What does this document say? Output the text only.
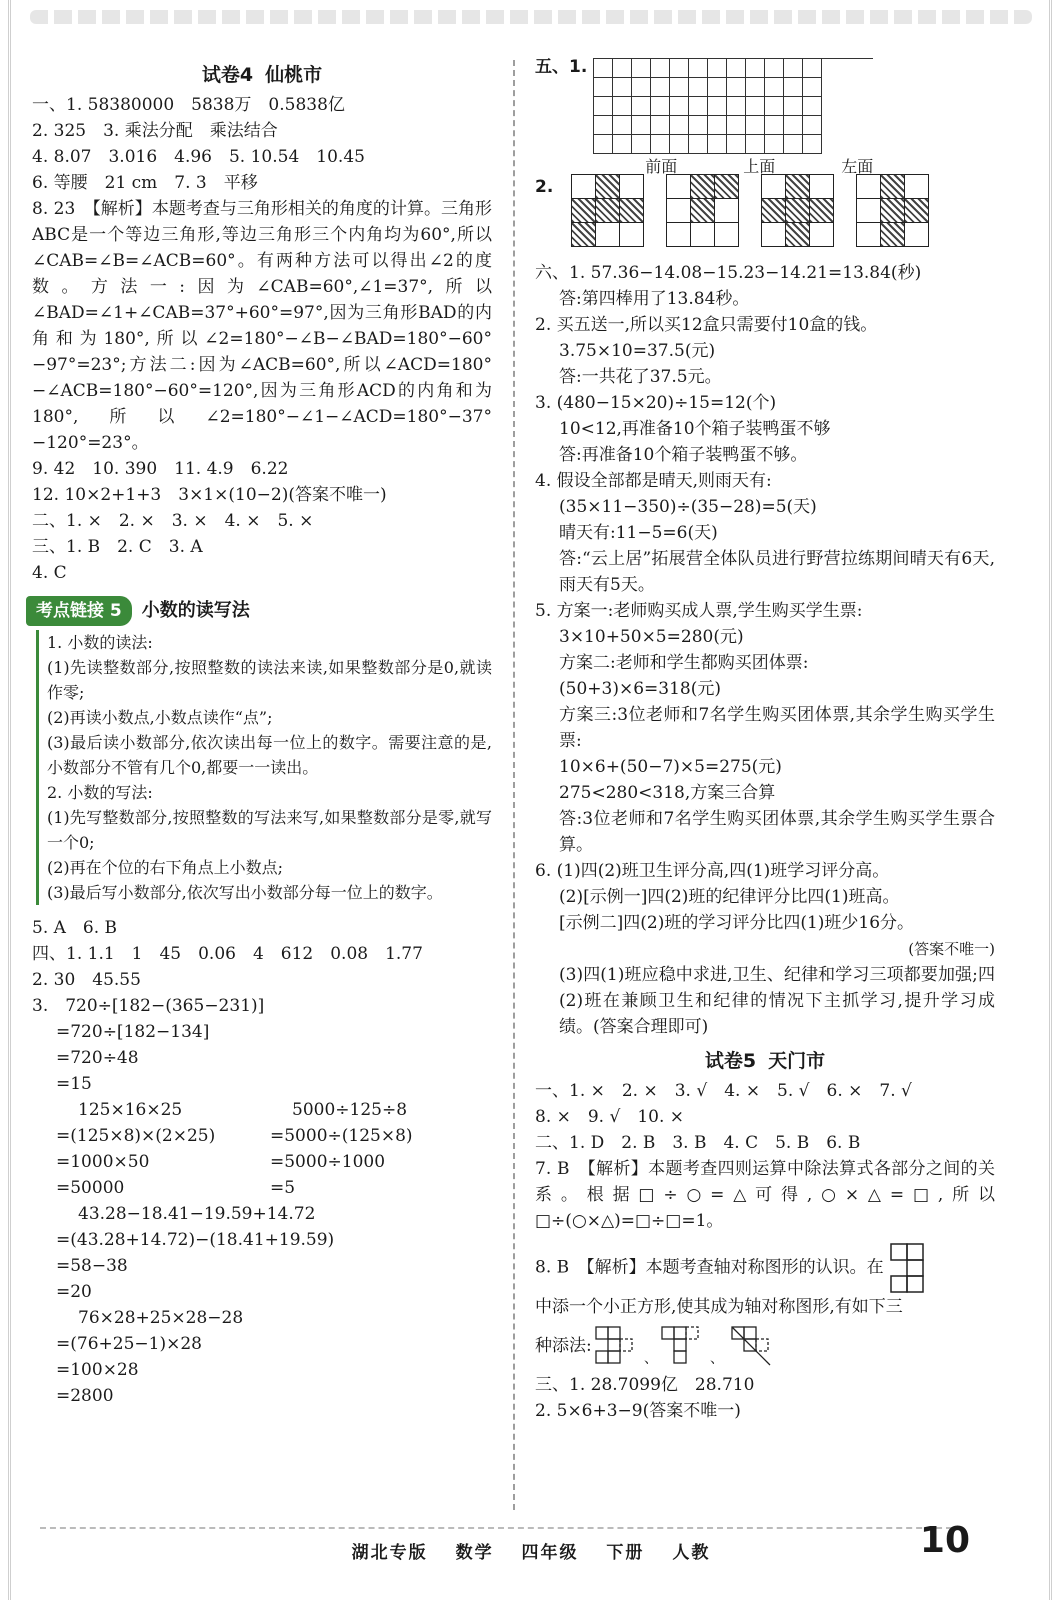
试卷4 仙桃市
一、1. 58380000　5838万　0.5838亿
2. 325　3. 乘法分配　乘法结合
4. 8.07　3.016　4.96　5. 10.54　10.45
6. 等腰　21 cm　7. 3　平移
8. 23　【解析】本题考查与三角形相关的角度的计算。三角形ABC是一个等边三角形,等边三角形三个内角均为60°,所以∠CAB=∠B=∠ACB=60°。有两种方法可以得出∠2的度数。方法一:因为∠CAB=60°,∠1=37°,所以∠BAD=∠1+∠CAB=37°+60°=97°,因为三角形BAD的内角和为180°,所以∠2=180°−∠B−∠BAD=180°−60°−97°=23°;方法二:因为∠ACB=60°,所以∠ACD=180°−∠ACB=180°−60°=120°,因为三角形ACD的内角和为180°,所以∠2=180°−∠1−∠ACD=180°−37°−120°=23°。
9. 42　10. 390　11. 4.9　6.22
12. 10×2+1+3　3×1×(10−2)(答案不唯一)
二、1. ×　2. ×　3. ×　4. ×　5. ×
三、1. B　2. C　3. A
4. C
考点链接 5	小数的读写法
1. 小数的读法:
(1)先读整数部分,按照整数的读法来读,如果整数部分是0,就读作零;
(2)再读小数点,小数点读作“点”;
(3)最后读小数部分,依次读出每一位上的数字。需要注意的是,小数部分不管有几个0,都要一一读出。
2. 小数的写法:
(1)先写整数部分,按照整数的写法来写,如果整数部分是零,就写一个0;
(2)再在个位的右下角点上小数点;
(3)最后写小数部分,依次写出小数部分每一位上的数字。
5. A　6. B
四、1. 1.1　1　45　0.06　4　612　0.08　1.77
2. 30　45.55
3.　720÷[182−(365−231)]
=720÷[182−134]
=720÷48
=15
125×16×25
=(125×8)×(2×25)
=1000×50
=50000
5000÷125÷8
=5000÷(125×8)
=5000÷1000
=5
43.28−18.41−19.59+14.72
=(43.28+14.72)−(18.41+19.59)
=58−38
=20
76×28+25×28−28
=(76+25−1)×28
=100×28
=2800
五、1.
前面	上面	左面
2.
六、1. 57.36−14.08−15.23−14.21=13.84(秒)
答:第四棒用了13.84秒。
2. 买五送一,所以买12盒只需要付10盒的钱。
3.75×10=37.5(元)
答:一共花了37.5元。
3. (480−15×20)÷15=12(个)
10<12,再准备10个箱子装鸭蛋不够
答:再准备10个箱子装鸭蛋不够。
4. 假设全部都是晴天,则雨天有:
(35×11−350)÷(35−28)=5(天)
晴天有:11−5=6(天)
答:“云上居”拓展营全体队员进行野营拉练期间晴天有6天,雨天有5天。
5. 方案一:老师购买成人票,学生购买学生票:
3×10+50×5=280(元)
方案二:老师和学生都购买团体票:
(50+3)×6=318(元)
方案三:3位老师和7名学生购买团体票,其余学生购买学生票:
10×6+(50−7)×5=275(元)
275<280<318,方案三合算
答:3位老师和7名学生购买团体票,其余学生购买学生票合算。
6. (1)四(2)班卫生评分高,四(1)班学习评分高。
(2)[示例一]四(2)班的纪律评分比四(1)班高。
[示例二]四(2)班的学习评分比四(1)班少16分。
(答案不唯一)
(3)四(1)班应稳中求进,卫生、纪律和学习三项都要加强;四(2)班在兼顾卫生和纪律的情况下主抓学习,提升学习成绩。(答案合理即可)
试卷5 天门市
一、1. ×　2. ×　3. √　4. ×　5. √　6. ×　7. √
8. ×　9. √　10. ×
二、1. D　2. B　3. B　4. C　5. B　6. B
7. B　【解析】本题考查四则运算中除法算式各部分之间的关系。根据□÷○=△可得,○×△=□,所以□÷(○×△)=□÷□=1。
8. B　【解析】本题考查轴对称图形的认识。在
中添一个小正方形,使其成为轴对称图形,有如下三
种添法:
、	、
三、1. 28.7099亿　28.710
2. 5×6+3−9(答案不唯一)
湖北专版 数学 四年级 下册 人教	10
